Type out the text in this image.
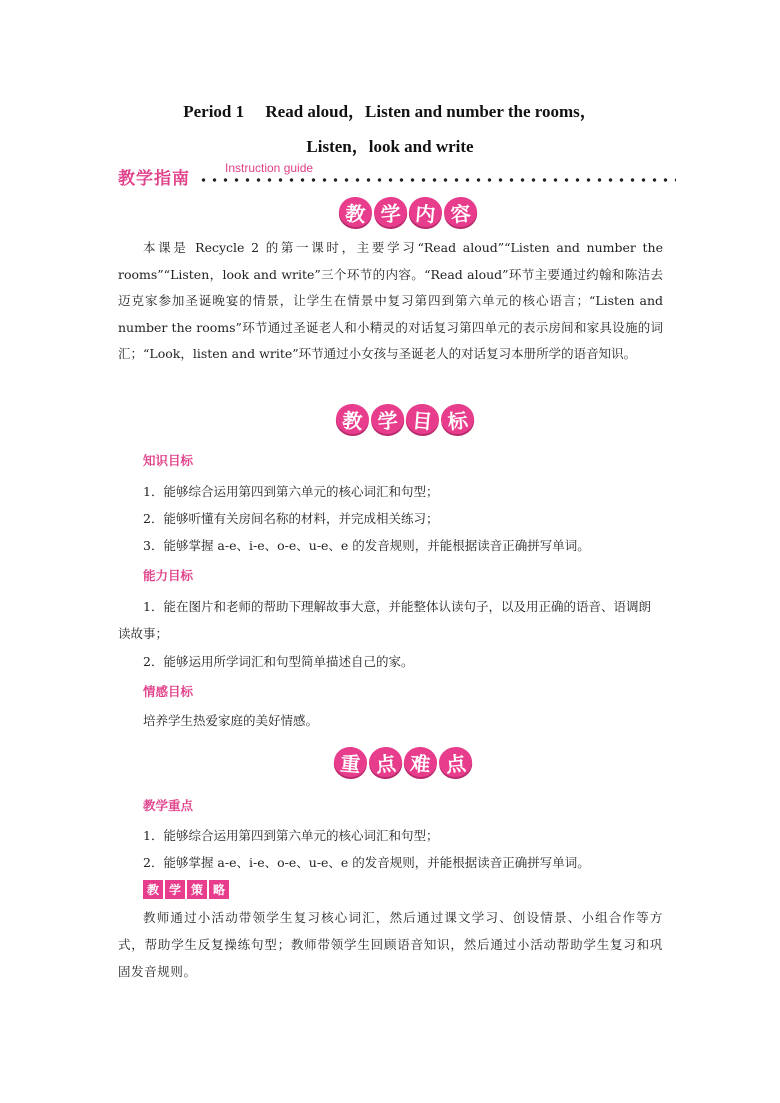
Period 1　 Read aloud，Listen and number the rooms，
Listen，look and write
教学指南
Instruction guide
教 学 内 容
本课是 Recycle 2 的第一课时，主要学习“Read aloud”“Listen and number the rooms”“Listen，look and write”三个环节的内容。“Read aloud”环节主要通过约翰和陈洁去迈克家参加圣诞晚宴的情景，让学生在情景中复习第四到第六单元的核心语言；“Listen and number the rooms”环节通过圣诞老人和小精灵的对话复习第四单元的表示房间和家具设施的词汇；“Look，listen and write”环节通过小女孩与圣诞老人的对话复习本册所学的语音知识。
教 学 目 标
知识目标
1．能够综合运用第四到第六单元的核心词汇和句型；
2．能够听懂有关房间名称的材料，并完成相关练习；
3．能够掌握 a-e、i-e、o-e、u-e、e 的发音规则，并能根据读音正确拼写单词。
能力目标
1．能在图片和老师的帮助下理解故事大意，并能整体认读句子，以及用正确的语音、语调朗读故事；
2．能够运用所学词汇和句型简单描述自己的家。
情感目标
培养学生热爱家庭的美好情感。
重 点 难 点
教学重点
1．能够综合运用第四到第六单元的核心词汇和句型；
2．能够掌握 a-e、i-e、o-e、u-e、e 的发音规则，并能根据读音正确拼写单词。
教 学 策 略
教师通过小活动带领学生复习核心词汇，然后通过课文学习、创设情景、小组合作等方式，帮助学生反复操练句型；教师带领学生回顾语音知识，然后通过小活动帮助学生复习和巩固发音规则。
